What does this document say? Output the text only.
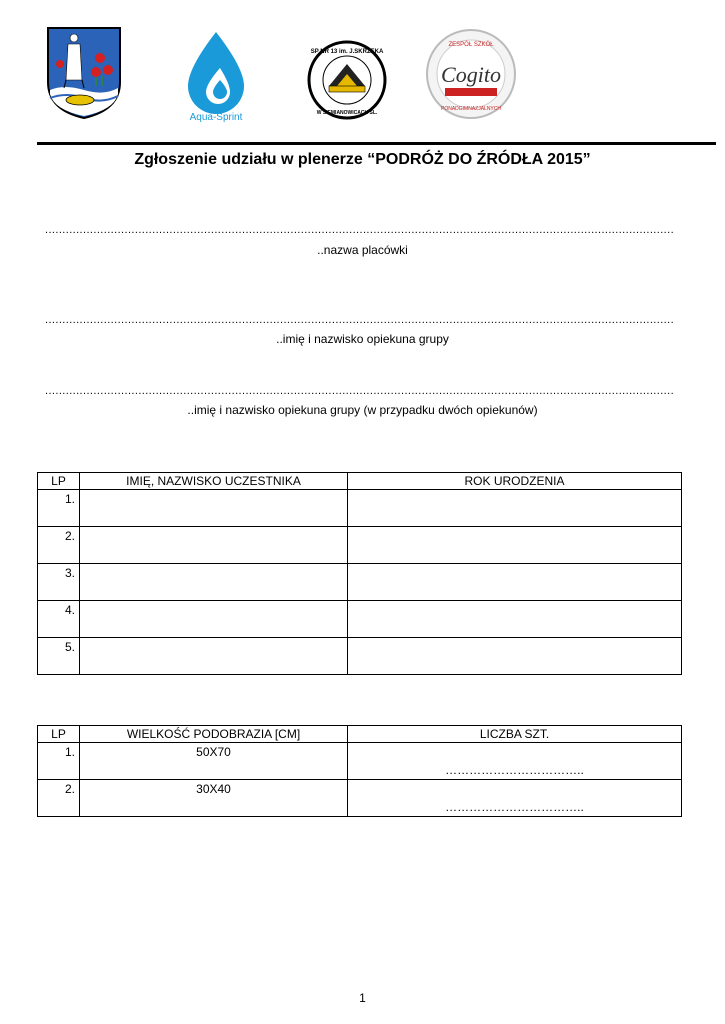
Aqua-Sprint
SP NR 13 im. J.SKRZEKA
W SIEMIANOWICACH ŚL.
ZESPÓŁ SZKÓŁ
Cogito
PONADGIMNAZJALNYCH
Zgłoszenie udziału w plenerze “PODRÓŻ DO ŹRÓDŁA 2015”
......................................................................................................................................................................................
..nazwa placówki
......................................................................................................................................................................................
..imię i nazwisko opiekuna grupy
......................................................................................................................................................................................
..imię i nazwisko opiekuna grupy (w przypadku dwóch opiekunów)
LP	IMIĘ, NAZWISKO UCZESTNIKA	ROK URODZENIA
1.		
2.		
3.		
4.		
5.		
LP	WIELKOŚĆ PODOBRAZIA [CM]	LICZBA SZT.
1.	50X70	……………………………..
2.	30X40	……………………………..
1
